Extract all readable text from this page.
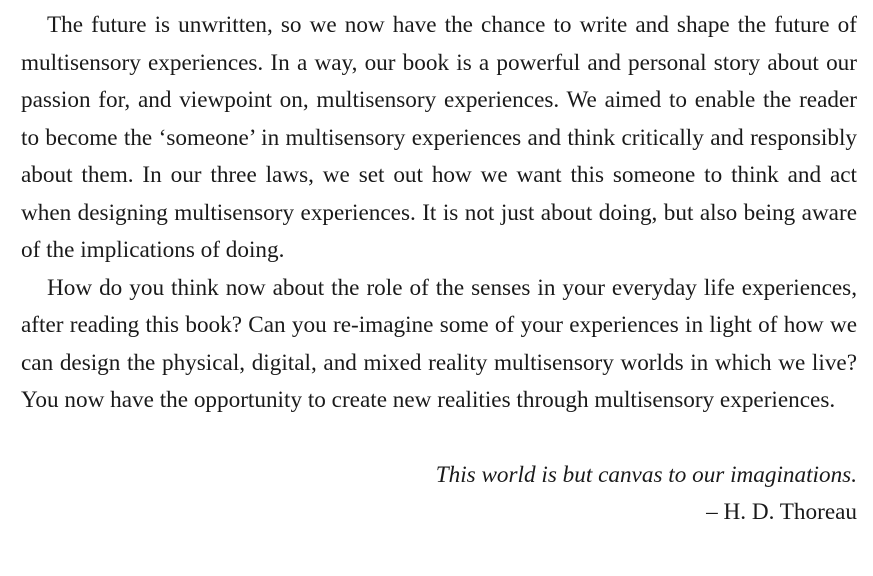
The future is unwritten, so we now have the chance to write and shape the future of multisensory experiences. In a way, our book is a powerful and personal story about our passion for, and viewpoint on, multisensory experiences. We aimed to enable the reader to become the ‘someone’ in multisensory experiences and think critically and responsibly about them. In our three laws, we set out how we want this someone to think and act when designing multisensory experiences. It is not just about doing, but also being aware of the implications of doing.

How do you think now about the role of the senses in your everyday life experiences, after reading this book? Can you re-imagine some of your experiences in light of how we can design the physical, digital, and mixed reality multisensory worlds in which we live? You now have the opportunity to create new realities through multisensory experiences.

This world is but canvas to our imaginations.
– H. D. Thoreau
